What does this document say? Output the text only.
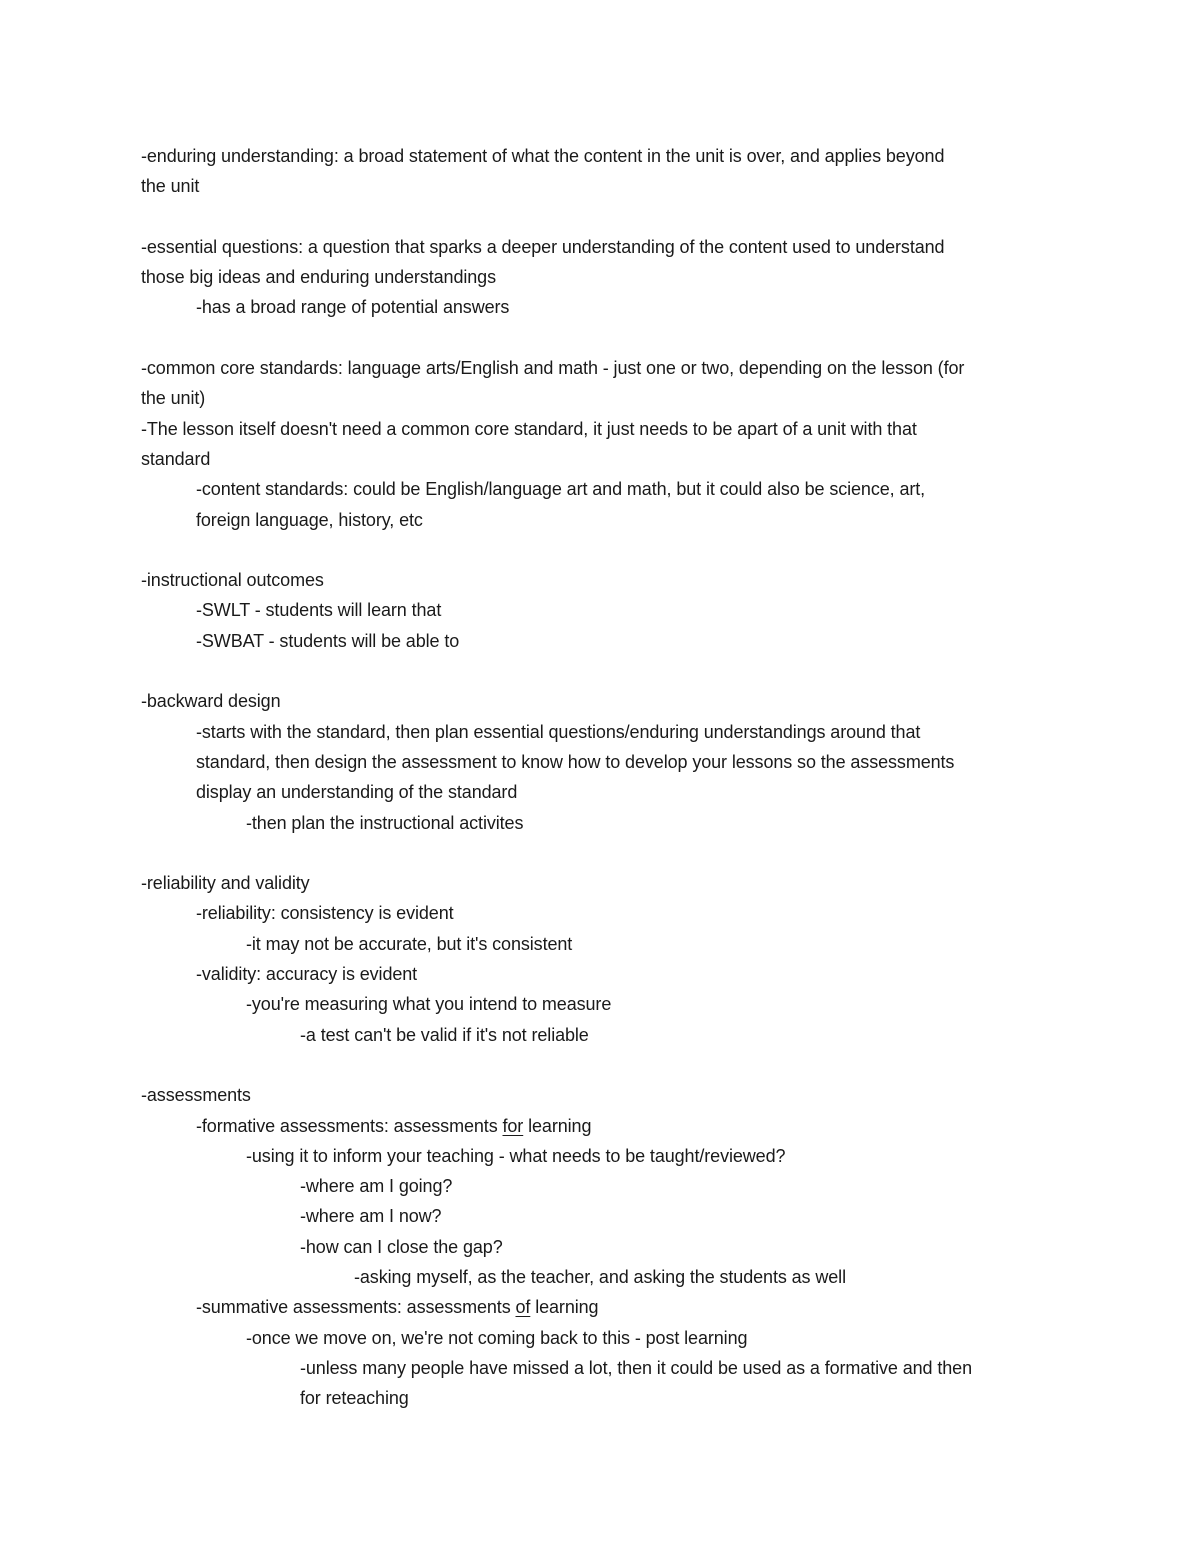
-enduring understanding: a broad statement of what the content in the unit is over, and applies beyond
the unit
-essential questions: a question that sparks a deeper understanding of the content used to understand
those big ideas and enduring understandings
-has a broad range of potential answers
-common core standards: language arts/English and math - just one or two, depending on the lesson (for
the unit)
-The lesson itself doesn't need a common core standard, it just needs to be apart of a unit with that
standard
-content standards: could be English/language art and math, but it could also be science, art,
foreign language, history, etc
-instructional outcomes
-SWLT - students will learn that
-SWBAT - students will be able to
-backward design
-starts with the standard, then plan essential questions/enduring understandings around that
standard, then design the assessment to know how to develop your lessons so the assessments
display an understanding of the standard
-then plan the instructional activites
-reliability and validity
-reliability: consistency is evident
-it may not be accurate, but it's consistent
-validity: accuracy is evident
-you're measuring what you intend to measure
-a test can't be valid if it's not reliable
-assessments
-formative assessments: assessments for learning
-using it to inform your teaching - what needs to be taught/reviewed?
-where am I going?
-where am I now?
-how can I close the gap?
-asking myself, as the teacher, and asking the students as well
-summative assessments: assessments of learning
-once we move on, we're not coming back to this - post learning
-unless many people have missed a lot, then it could be used as a formative and then
for reteaching
